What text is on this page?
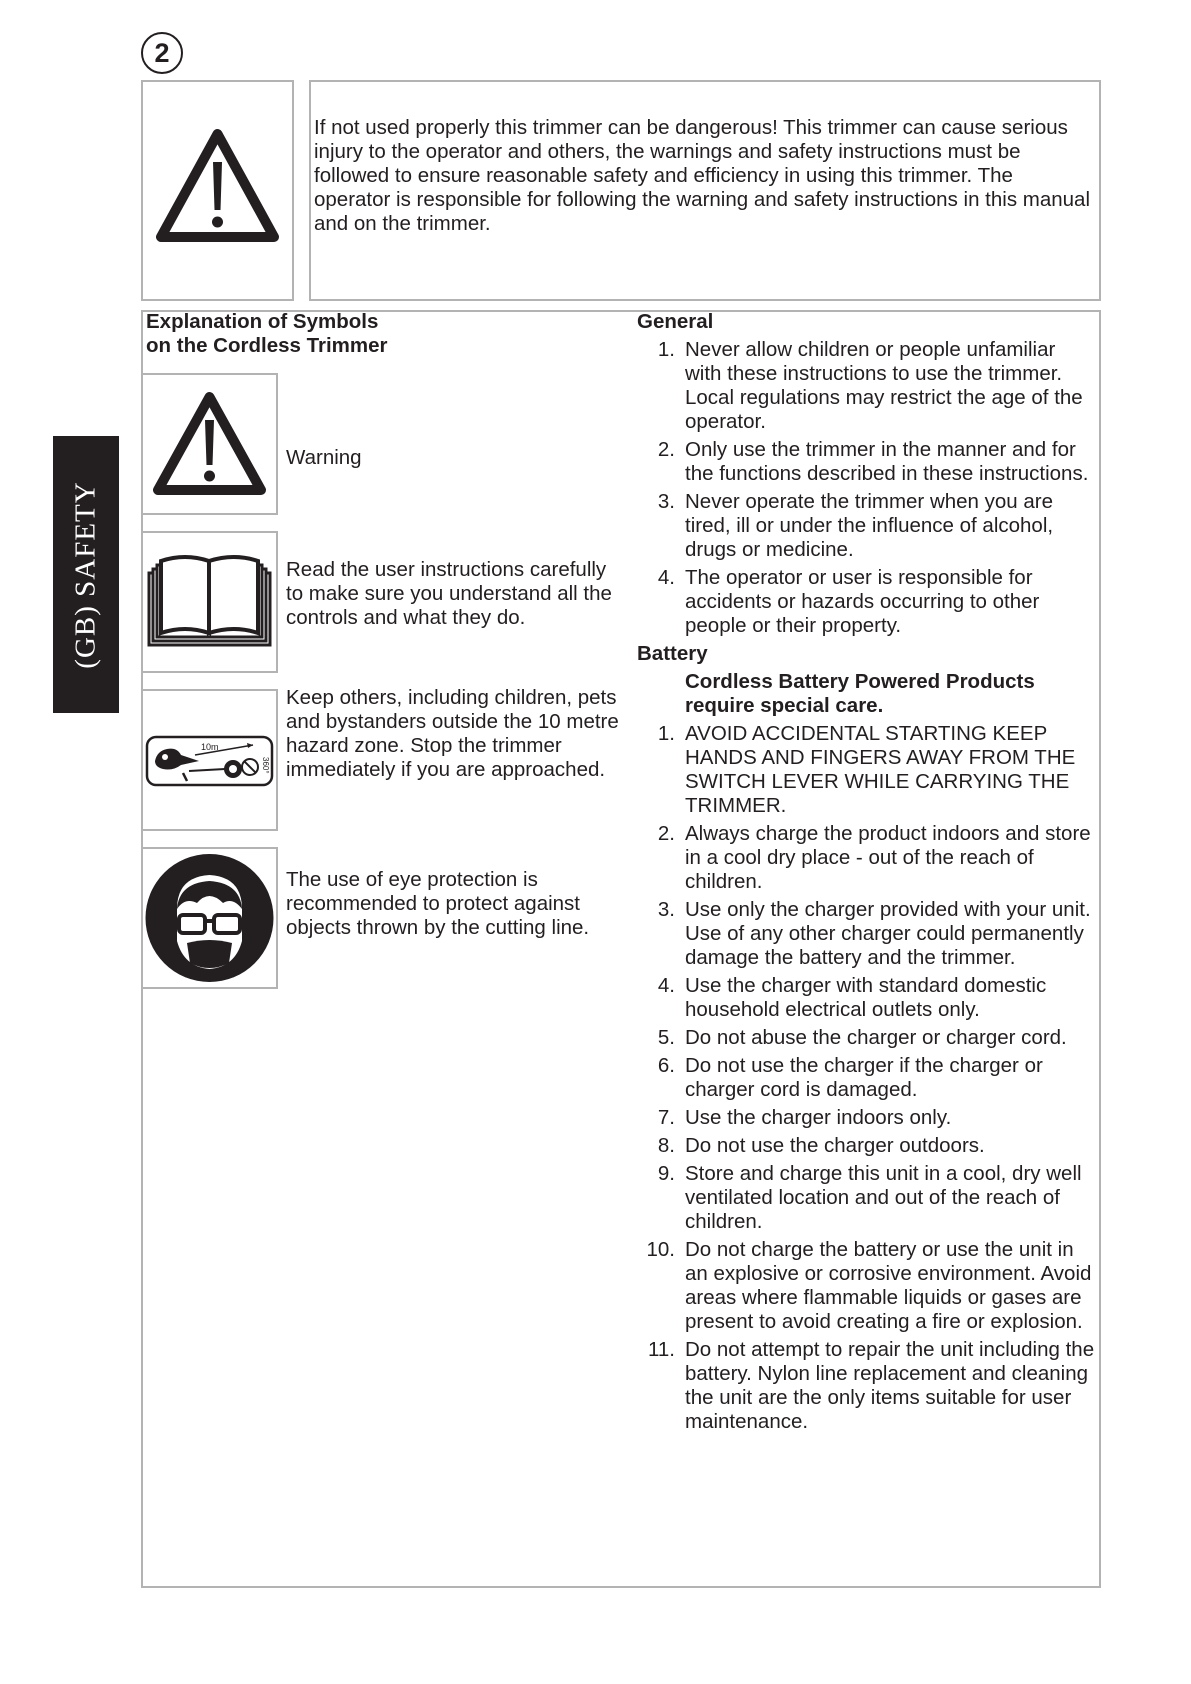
2
(GB) SAFETY
If not used properly this trimmer can be dangerous! This trimmer can cause serious injury to the operator and others, the warnings and safety instructions must be followed to ensure reasonable safety and efficiency in using this trimmer. The operator is responsible for following the warning and safety instructions in this manual and on the trimmer.
Explanation of Symbols
on the Cordless Trimmer
Warning
Read the user instructions carefully to make sure you understand all the controls and what they do.
10m
360°
Keep others, including children, pets and bystanders outside the 10 metre hazard zone. Stop the trimmer immediately if you are approached.
The use of eye protection is recommended to protect against objects thrown by the cutting line.
General
1. Never allow children or people unfamiliar with these instructions to use the trimmer. Local regulations may restrict the age of the operator.
2. Only use the trimmer in the manner and for the functions described in these instructions.
3. Never operate the trimmer when you are tired, ill or under the influence of alcohol, drugs or medicine.
4. The operator or user is responsible for accidents or hazards occurring to other people or their property.
Battery
Cordless Battery Powered Products require special care.
1. AVOID ACCIDENTAL STARTING KEEP HANDS AND FINGERS AWAY FROM THE SWITCH LEVER WHILE CARRYING THE TRIMMER.
2. Always charge the product indoors and store in a cool dry place - out of the reach of children.
3. Use only the charger provided with your unit. Use of any other charger could permanently damage the battery and the trimmer.
4. Use the charger with standard domestic household electrical outlets only.
5. Do not abuse the charger or charger cord.
6. Do not use the charger if the charger or charger cord is damaged.
7. Use the charger indoors only.
8. Do not use the charger outdoors.
9. Store and charge this unit in a cool, dry well ventilated location and out of the reach of children.
10. Do not charge the battery or use the unit in an explosive or corrosive environment. Avoid areas where flammable liquids or gases are present to avoid creating a fire or explosion.
11. Do not attempt to repair the unit including the battery. Nylon line replacement and cleaning the unit are the only items suitable for user maintenance.
